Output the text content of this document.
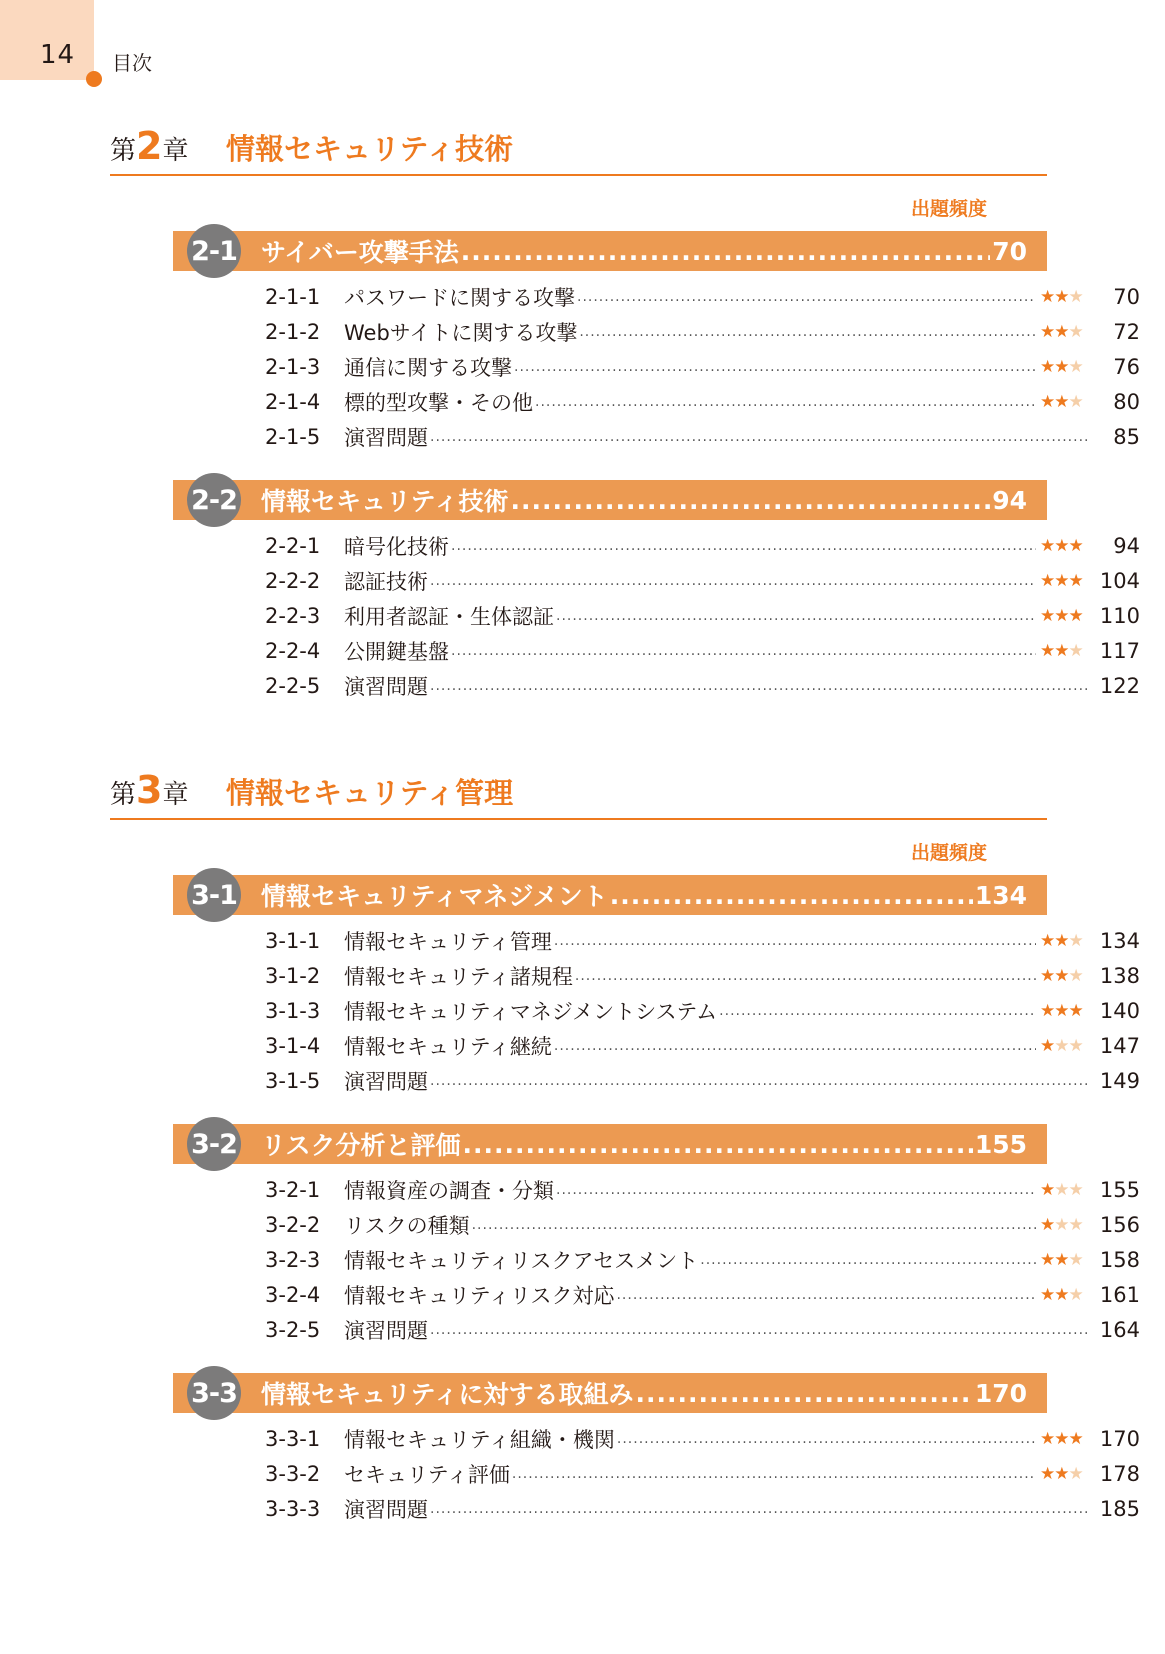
14 目次
第2章 情報セキュリティ技術
出題頻度
2-1 サイバー攻撃手法 .....	70
2-1-1	パスワードに関する攻撃 .....	★★★	70
2-1-2	Webサイトに関する攻撃 .....	★★★	72
2-1-3	通信に関する攻撃 .....	★★★	76
2-1-4	標的型攻撃・その他 .....	★★★	80
2-1-5	演習問題 .....	85
2-2 情報セキュリティ技術 .....	94
2-2-1	暗号化技術 .....	★★★	94
2-2-2	認証技術 .....	★★★ 104
2-2-3	利用者認証・生体認証 .....	★★★ 110
2-2-4	公開鍵基盤 .....	★★★ 117
2-2-5	演習問題 .....	122
第3章 情報セキュリティ管理
出題頻度
3-1 情報セキュリティマネジメント .....	134
3-1-1	情報セキュリティ管理 .....	★★★ 134
3-1-2	情報セキュリティ諸規程 .....	★★★ 138
3-1-3	情報セキュリティマネジメントシステム .....	★★★ 140
3-1-4	情報セキュリティ継続 .....	★★★ 147
3-1-5	演習問題 .....	149
3-2 リスク分析と評価 .....	155
3-2-1	情報資産の調査・分類 .....	★★★ 155
3-2-2	リスクの種類 .....	★★★ 156
3-2-3	情報セキュリティリスクアセスメント .....	★★★ 158
3-2-4	情報セキュリティリスク対応 .....	★★★ 161
3-2-5	演習問題 .....	164
3-3 情報セキュリティに対する取組み .....	170
3-3-1	情報セキュリティ組織・機関 .....	★★★ 170
3-3-2	セキュリティ評価 .....	★★★ 178
3-3-3	演習問題 .....	185
